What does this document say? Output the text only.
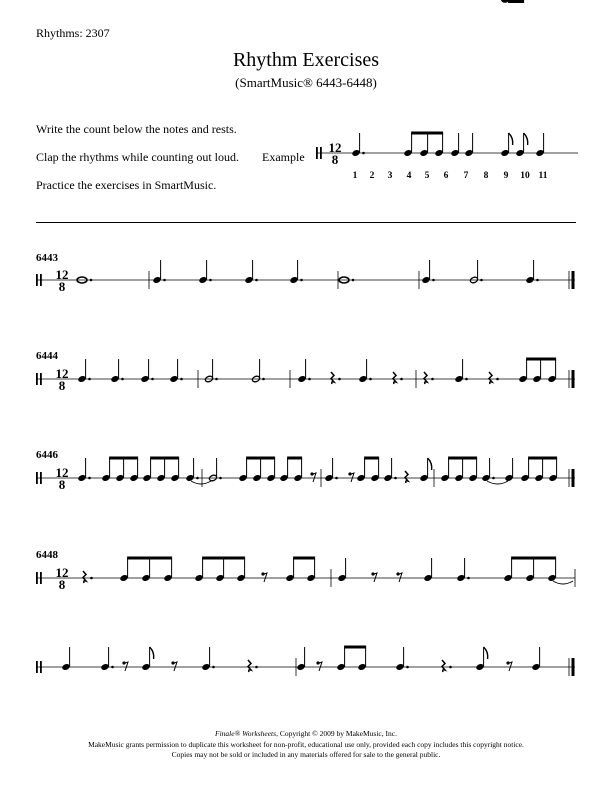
Rhythms: 2307
Rhythm Exercises
(SmartMusic® 6443-6448)
Write the count below the notes and rests.
Clap the rhythms while counting out loud.
Practice the exercises in SmartMusic.
Example
6443
6444
6446
6448
12
8
1 2 3 4 5 6 7 8 9 10 11
12
8
12
8
12
8
12
8
Finale® Worksheets, Copyright © 2009 by MakeMusic, Inc.
MakeMusic grants permission to duplicate this worksheet for non-profit, educational use only, provided each copy includes this copyright notice.
Copies may not be sold or included in any materials offered for sale to the general public.
